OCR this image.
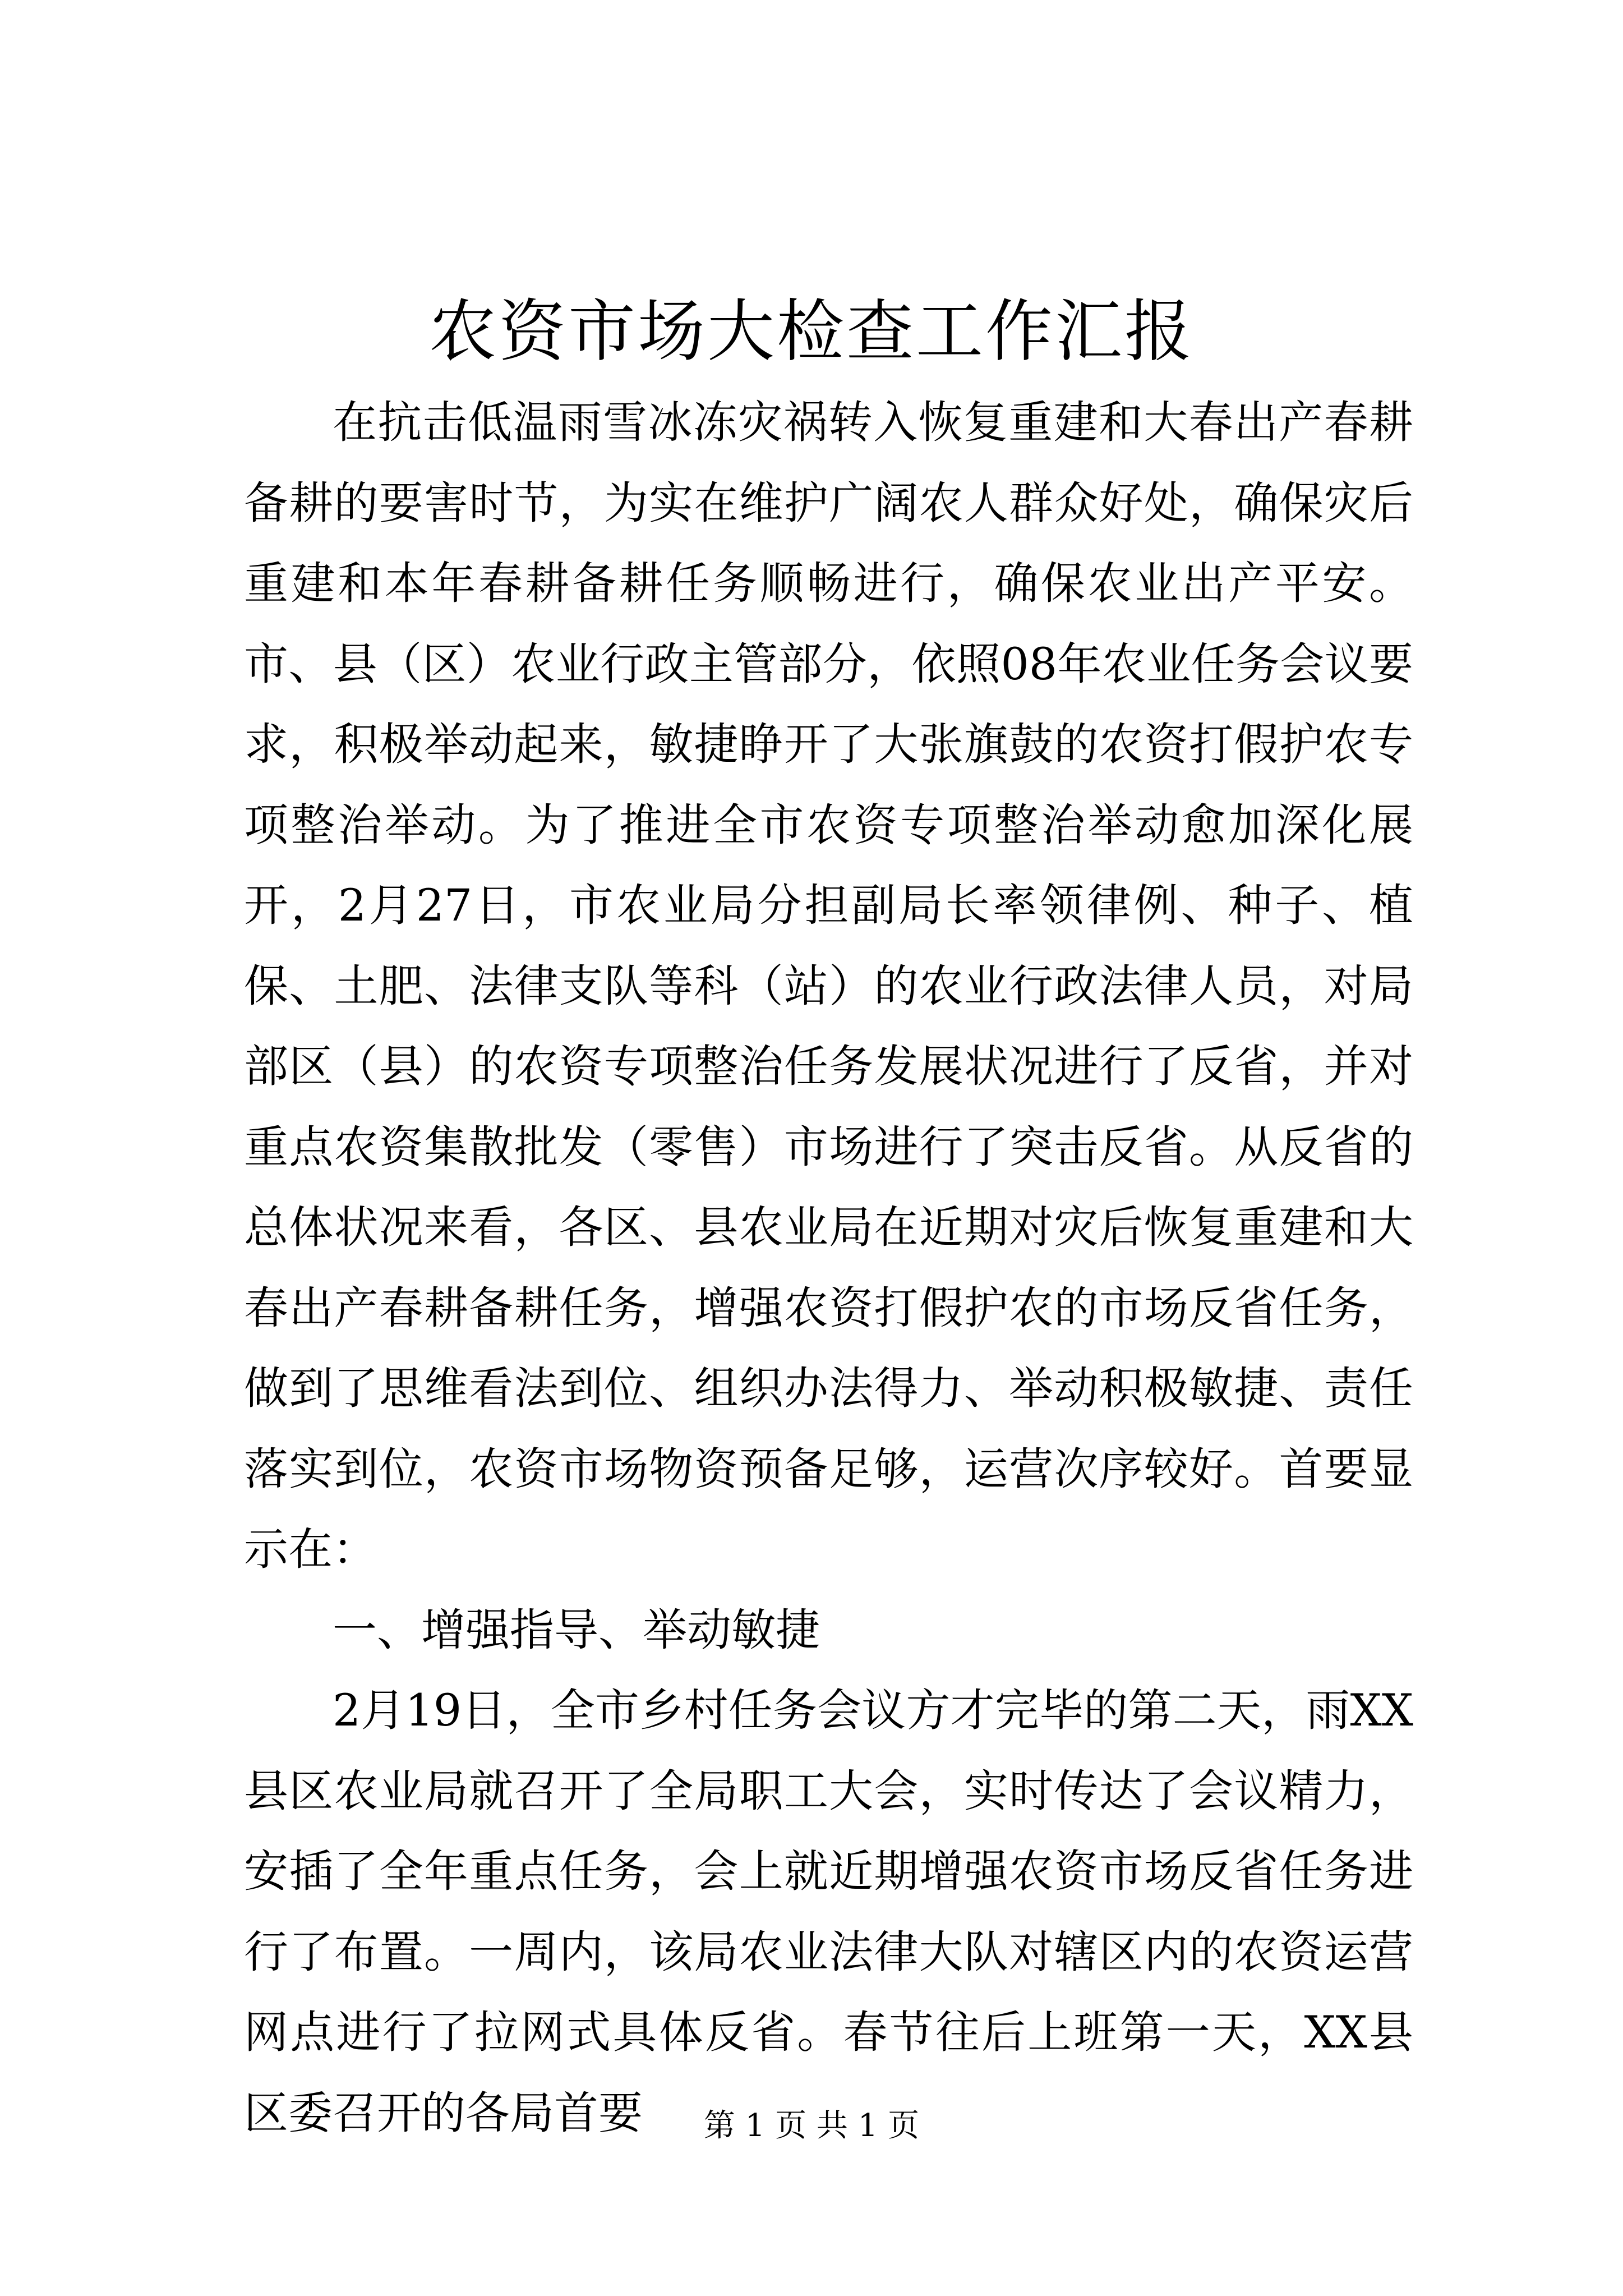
农资市场大检查工作汇报

在抗击低温雨雪冰冻灾祸转入恢复重建和大春出产春耕备耕的要害时节，为实在维护广阔农人群众好处，确保灾后重建和本年春耕备耕任务顺畅进行，确保农业出产平安。市、县（区）农业行政主管部分，依照08年农业任务会议要求，积极举动起来，敏捷睁开了大张旗鼓的农资打假护农专项整治举动。为了推进全市农资专项整治举动愈加深化展开，2月27日，市农业局分担副局长率领律例、种子、植保、土肥、法律支队等科（站）的农业行政法律人员，对局部区（县）的农资专项整治任务发展状况进行了反省，并对重点农资集散批发（零售）市场进行了突击反省。从反省的总体状况来看，各区、县农业局在近期对灾后恢复重建和大春出产春耕备耕任务，增强农资打假护农的市场反省任务，做到了思维看法到位、组织办法得力、举动积极敏捷、责任落实到位，农资市场物资预备足够，运营次序较好。首要显示在：

一、增强指导、举动敏捷

2月19日，全市乡村任务会议方才完毕的第二天，雨XX县区农业局就召开了全局职工大会，实时传达了会议精力，安插了全年重点任务，会上就近期增强农资市场反省任务进行了布置。一周内，该局农业法律大队对辖区内的农资运营网点进行了拉网式具体反省。春节往后上班第一天，XX县区委召开的各局首要	第 1 页 共 1 页
